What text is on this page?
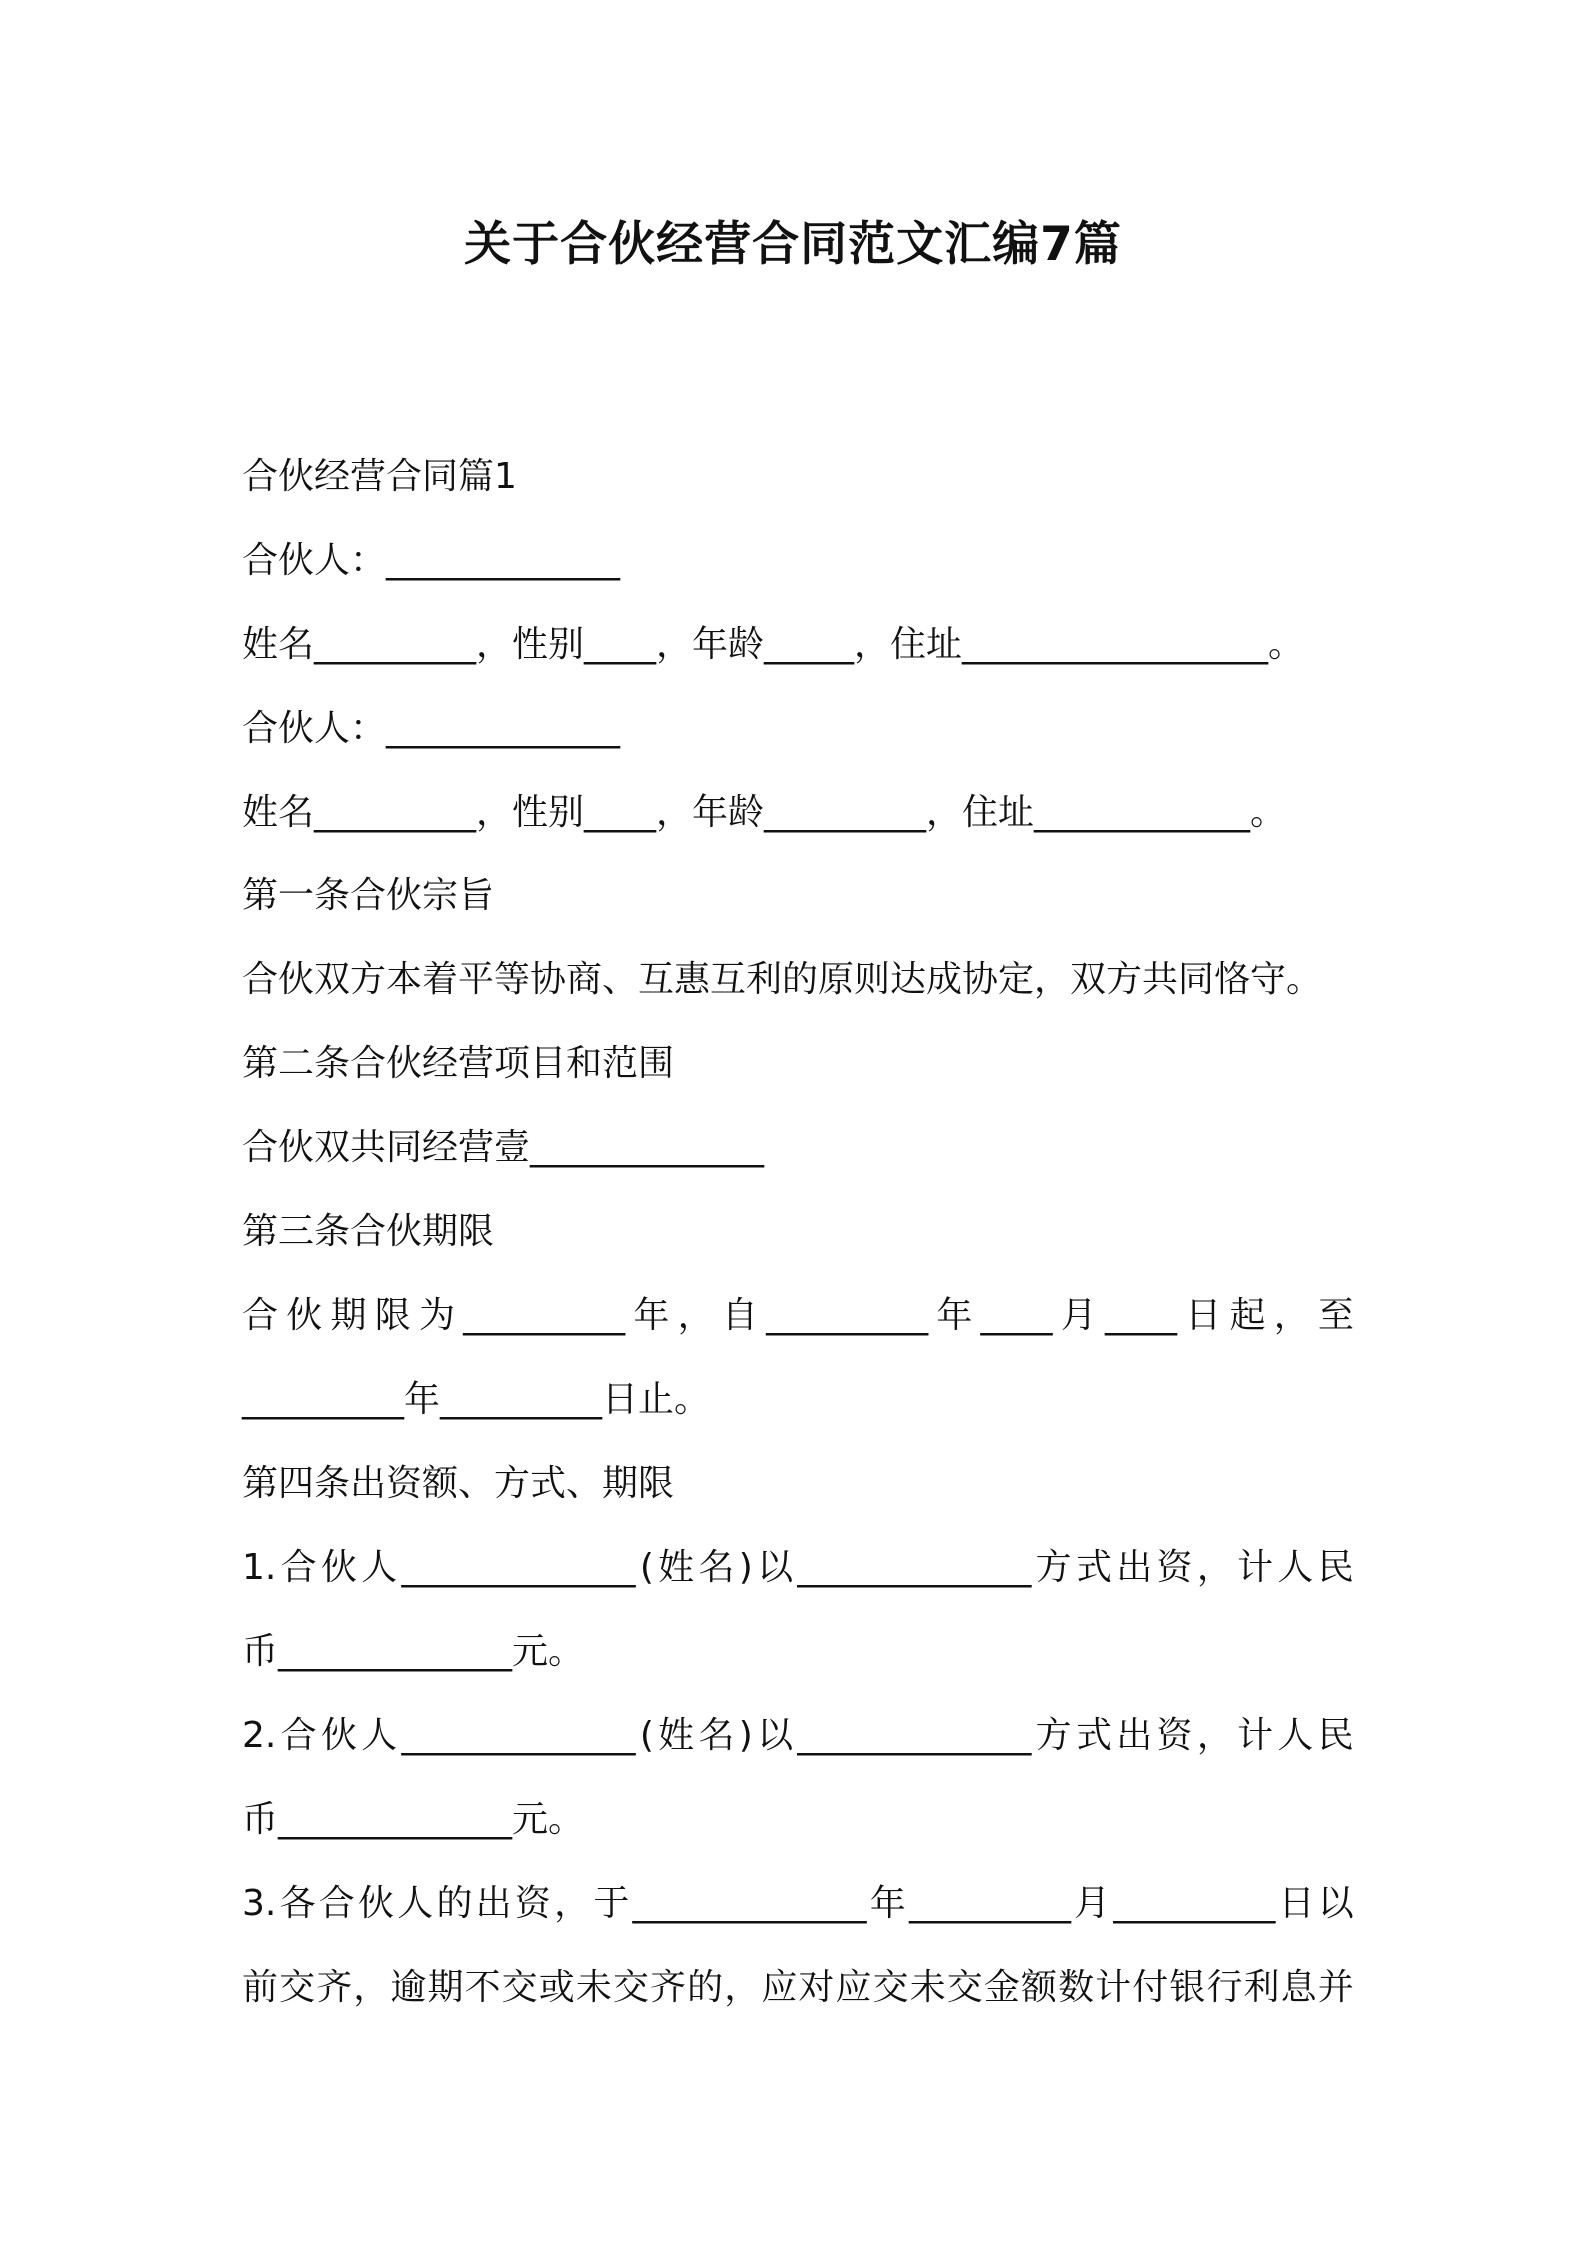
关于合伙经营合同范文汇编7篇
合伙经营合同篇1
合伙人：_____________
姓名_________，性别____，年龄_____，住址_________________。
合伙人：_____________
姓名_________，性别____，年龄_________，住址____________。
第一条合伙宗旨
合伙双方本着平等协商、互惠互利的原则达成协定，双方共同恪守。
第二条合伙经营项目和范围
合伙双共同经营壹_____________
第三条合伙期限
合 伙 期 限 为 _________ 年 ， 自 _________ 年 ____ 月 ____ 日 起 ， 至
_________年_________日止。
第四条出资额、方式、期限
1. 合 伙 人 _____________ ( 姓 名 ) 以 _____________ 方 式 出 资 ， 计 人 民
币_____________元。
2. 合 伙 人 _____________ ( 姓 名 ) 以 _____________ 方 式 出 资 ， 计 人 民
币_____________元。
3. 各 合 伙 人 的 出 资 ， 于 _____________ 年 _________ 月 _________ 日 以
前 交 齐 ， 逾 期 不 交 或 未 交 齐 的 ， 应 对 应 交 未 交 金 额 数 计 付 银 行 利 息 并
